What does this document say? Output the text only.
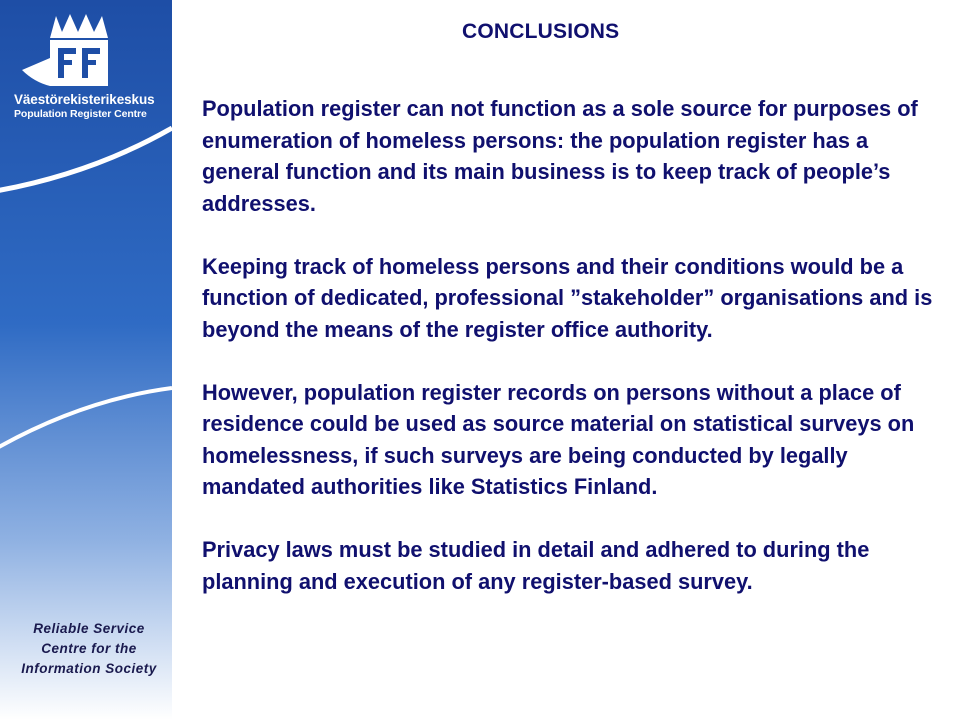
Väestörekisterikeskus
Population Register Centre
Reliable Service
Centre for the
Information Society
CONCLUSIONS

Population register can not function as a sole source for purposes of enumeration of homeless persons: the population register has a general function and its main business is to keep track of people’s addresses.

Keeping track of homeless persons and their conditions would be a function of dedicated, professional ”stakeholder” organisations and is beyond the means of the register office authority.

However, population register records on persons without a place of residence could be used as source material on statistical surveys on homelessness, if such surveys are being conducted by legally mandated authorities like Statistics Finland.

Privacy laws must be studied in detail and adhered to during the planning and execution of any register-based survey.
